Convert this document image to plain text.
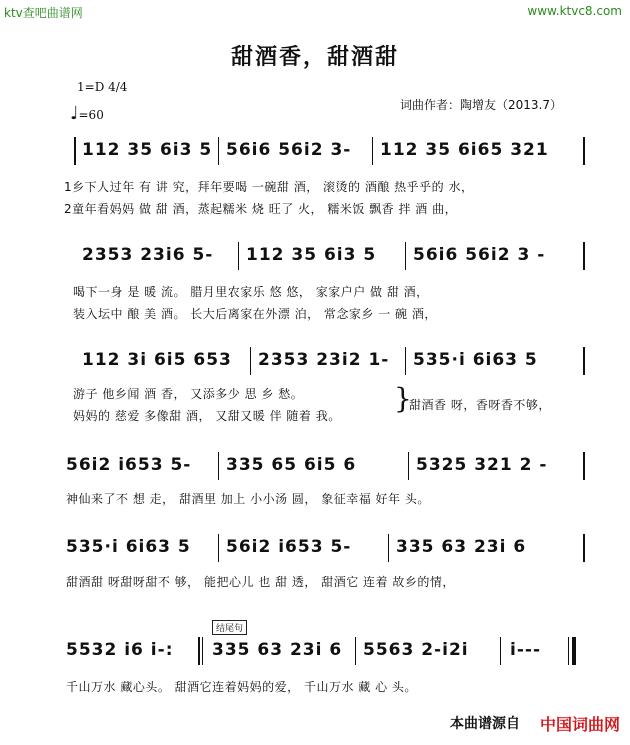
ktv查吧曲谱网	www.ktvc8.com
甜酒香，甜酒甜
1=D 4/4
♩=60
词曲作者：陶增友（2013.7）
112 35 6i3 5 56i6 56i2 3- 112 35 6i65 321
1乡下人过年 有 讲 究，拜年要喝 一碗甜 酒， 滚烫的 酒酿 热乎乎的 水，
2童年看妈妈 做 甜 酒，蒸起糯米 烧 旺了 火， 糯米饭 飘香 拌 酒 曲，
2353 23i6 5- 112 35 6i3 5 56i6 56i2 3 -
喝下一身 是 暖 流。 腊月里农家乐 悠 悠， 家家户户 做 甜 酒，
装入坛中 酿 美 酒。 长大后离家在外漂 泊， 常念家乡 一 碗 酒，
112 3i 6i5 653 2353 23i2 1- 535·i 6i63 5
游子 他乡闻 酒 香， 又添多少 思 乡 愁。
妈妈的 慈爱 多像甜 酒， 又甜又暖 伴 随着 我。
}
甜酒香 呀，香呀香不够，
56i2 i653 5- 335 65 6i5 6	5325 321 2 -
神仙来了不 想 走， 甜酒里 加上 小小汤 圆， 象征幸福 好年 头。
535·i 6i63 5 56i2 i653 5-	335 63 23i 6
甜酒甜 呀甜呀甜不 够， 能把心儿 也 甜 透， 甜酒它 连着 故乡的情，
结尾句
5532 i6 i-: 335 63 23i 6 5563 2-i2i i---
千山万水 藏心头。 甜酒它连着妈妈的爱， 千山万水 藏 心 头。
本曲谱源自 中国词曲网
